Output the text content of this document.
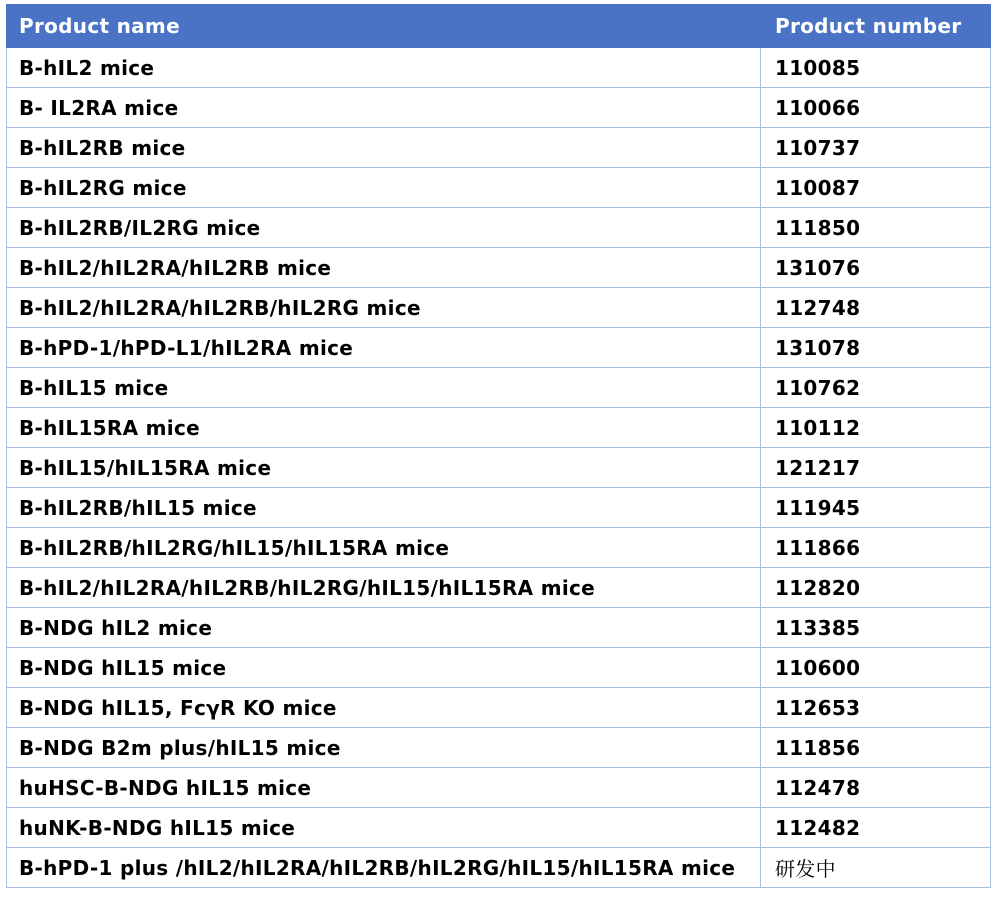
Product name	Product number
B-hIL2 mice	110085
B- IL2RA mice	110066
B-hIL2RB mice	110737
B-hIL2RG mice	110087
B-hIL2RB/IL2RG mice	111850
B-hIL2/hIL2RA/hIL2RB mice	131076
B-hIL2/hIL2RA/hIL2RB/hIL2RG mice	112748
B-hPD-1/hPD-L1/hIL2RA mice	131078
B-hIL15 mice	110762
B-hIL15RA mice	110112
B-hIL15/hIL15RA mice	121217
B-hIL2RB/hIL15 mice	111945
B-hIL2RB/hIL2RG/hIL15/hIL15RA mice	111866
B-hIL2/hIL2RA/hIL2RB/hIL2RG/hIL15/hIL15RA mice	112820
B-NDG hIL2 mice	113385
B-NDG hIL15 mice	110600
B-NDG hIL15, FcγR KO mice	112653
B-NDG B2m plus/hIL15 mice	111856
huHSC-B-NDG hIL15 mice	112478
huNK-B-NDG hIL15 mice	112482
B-hPD-1 plus /hIL2/hIL2RA/hIL2RB/hIL2RG/hIL15/hIL15RA mice	研发中
